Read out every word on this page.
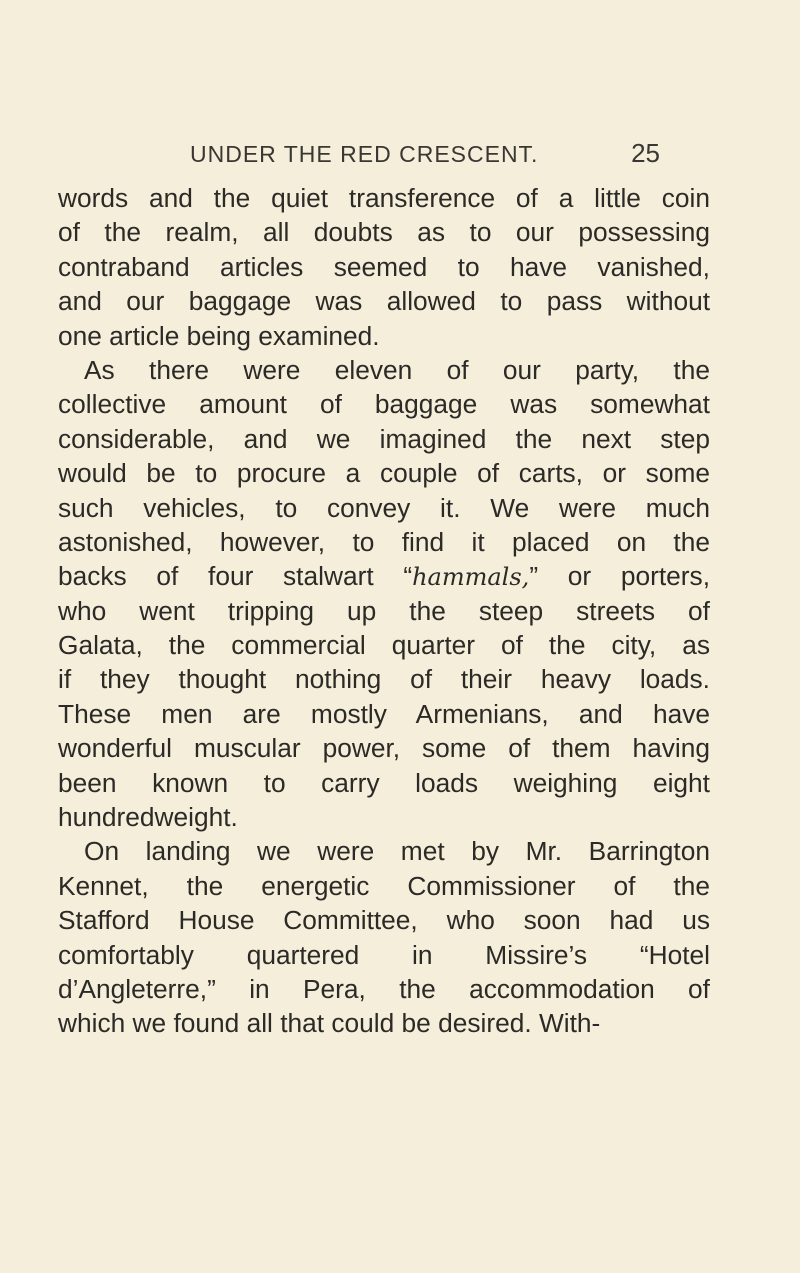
UNDER THE RED CRESCENT.	25
words and the quiet transference of a little coin
of the realm, all doubts as to our possessing
contraband articles seemed to have vanished,
and our baggage was allowed to pass without
one article being examined.
As there were eleven of our party, the
collective amount of baggage was somewhat
considerable, and we imagined the next step
would be to procure a couple of carts, or some
such vehicles, to convey it. We were much
astonished, however, to find it placed on the
backs of four stalwart “hammals,” or porters,
who went tripping up the steep streets of
Galata, the commercial quarter of the city, as
if they thought nothing of their heavy loads.
These men are mostly Armenians, and have
wonderful muscular power, some of them having
been known to carry loads weighing eight
hundredweight.
On landing we were met by Mr. Barrington
Kennet, the energetic Commissioner of the
Stafford House Committee, who soon had us
comfortably quartered in Missire’s “Hotel
d’Angleterre,” in Pera, the accommodation of
which we found all that could be desired. With-
